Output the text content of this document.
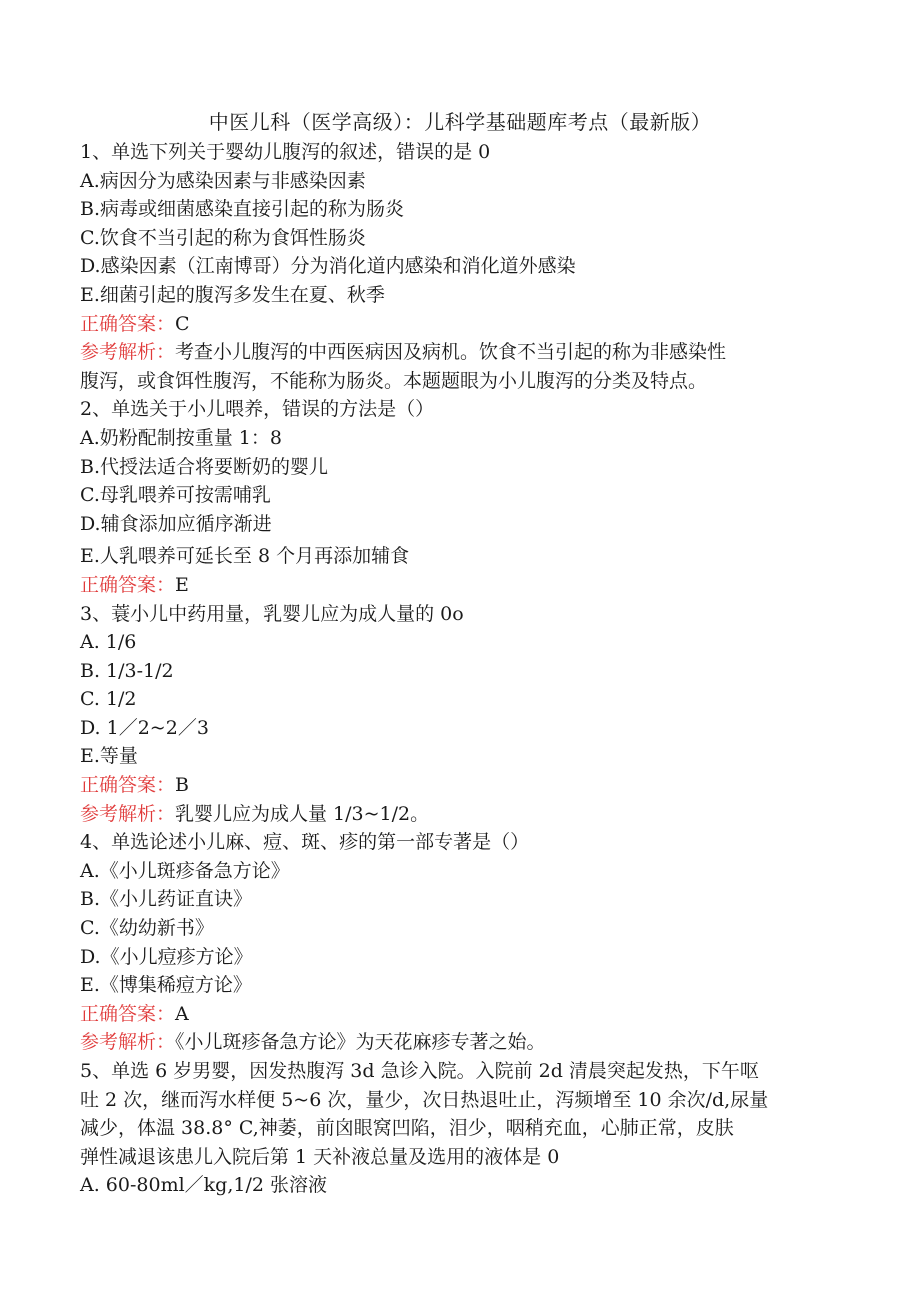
中医儿科（医学高级）：儿科学基础题库考点（最新版）
1、单选下列关于婴幼儿腹泻的叙述，错误的是 0
A.病因分为感染因素与非感染因素
B.病毒或细菌感染直接引起的称为肠炎
C.饮食不当引起的称为食饵性肠炎
D.感染因素（江南博哥）分为消化道内感染和消化道外感染
E.细菌引起的腹泻多发生在夏、秋季
正确答案：C
参考解析：考查小儿腹泻的中西医病因及病机。饮食不当引起的称为非感染性
腹泻，或食饵性腹泻，不能称为肠炎。本题题眼为小儿腹泻的分类及特点。
2、单选关于小儿喂养，错误的方法是（）
A.奶粉配制按重量 1：8
B.代授法适合将要断奶的婴儿
C.母乳喂养可按需哺乳
D.辅食添加应循序渐进
E.人乳喂养可延长至 8 个月再添加辅食
正确答案：E
3、蓑小儿中药用量，乳婴儿应为成人量的 0o
A. 1/6
B. 1/3-1/2
C. 1/2
D. 1／2~2／3
E.等量
正确答案：B
参考解析：乳婴儿应为成人量 1/3~1/2。
4、单选论述小儿麻、痘、斑、疹的第一部专著是（）
A.《小儿斑疹备急方论》
B.《小儿药证直诀》
C.《幼幼新书》
D.《小儿痘疹方论》
E.《博集稀痘方论》
正确答案：A
参考解析：《小儿斑疹备急方论》为天花麻疹专著之始。
5、单选 6 岁男婴，因发热腹泻 3d 急诊入院。入院前 2d 清晨突起发热，下午呕
吐 2 次，继而泻水样便 5~6 次，量少，次日热退吐止，泻频增至 10 余次/d,尿量
减少，体温 38.8° C,神萎，前囟眼窝凹陷，泪少，咽稍充血，心肺正常，皮肤
弹性减退该患儿入院后第 1 天补液总量及选用的液体是 0
A. 60-80ml／kg,1/2 张溶液
